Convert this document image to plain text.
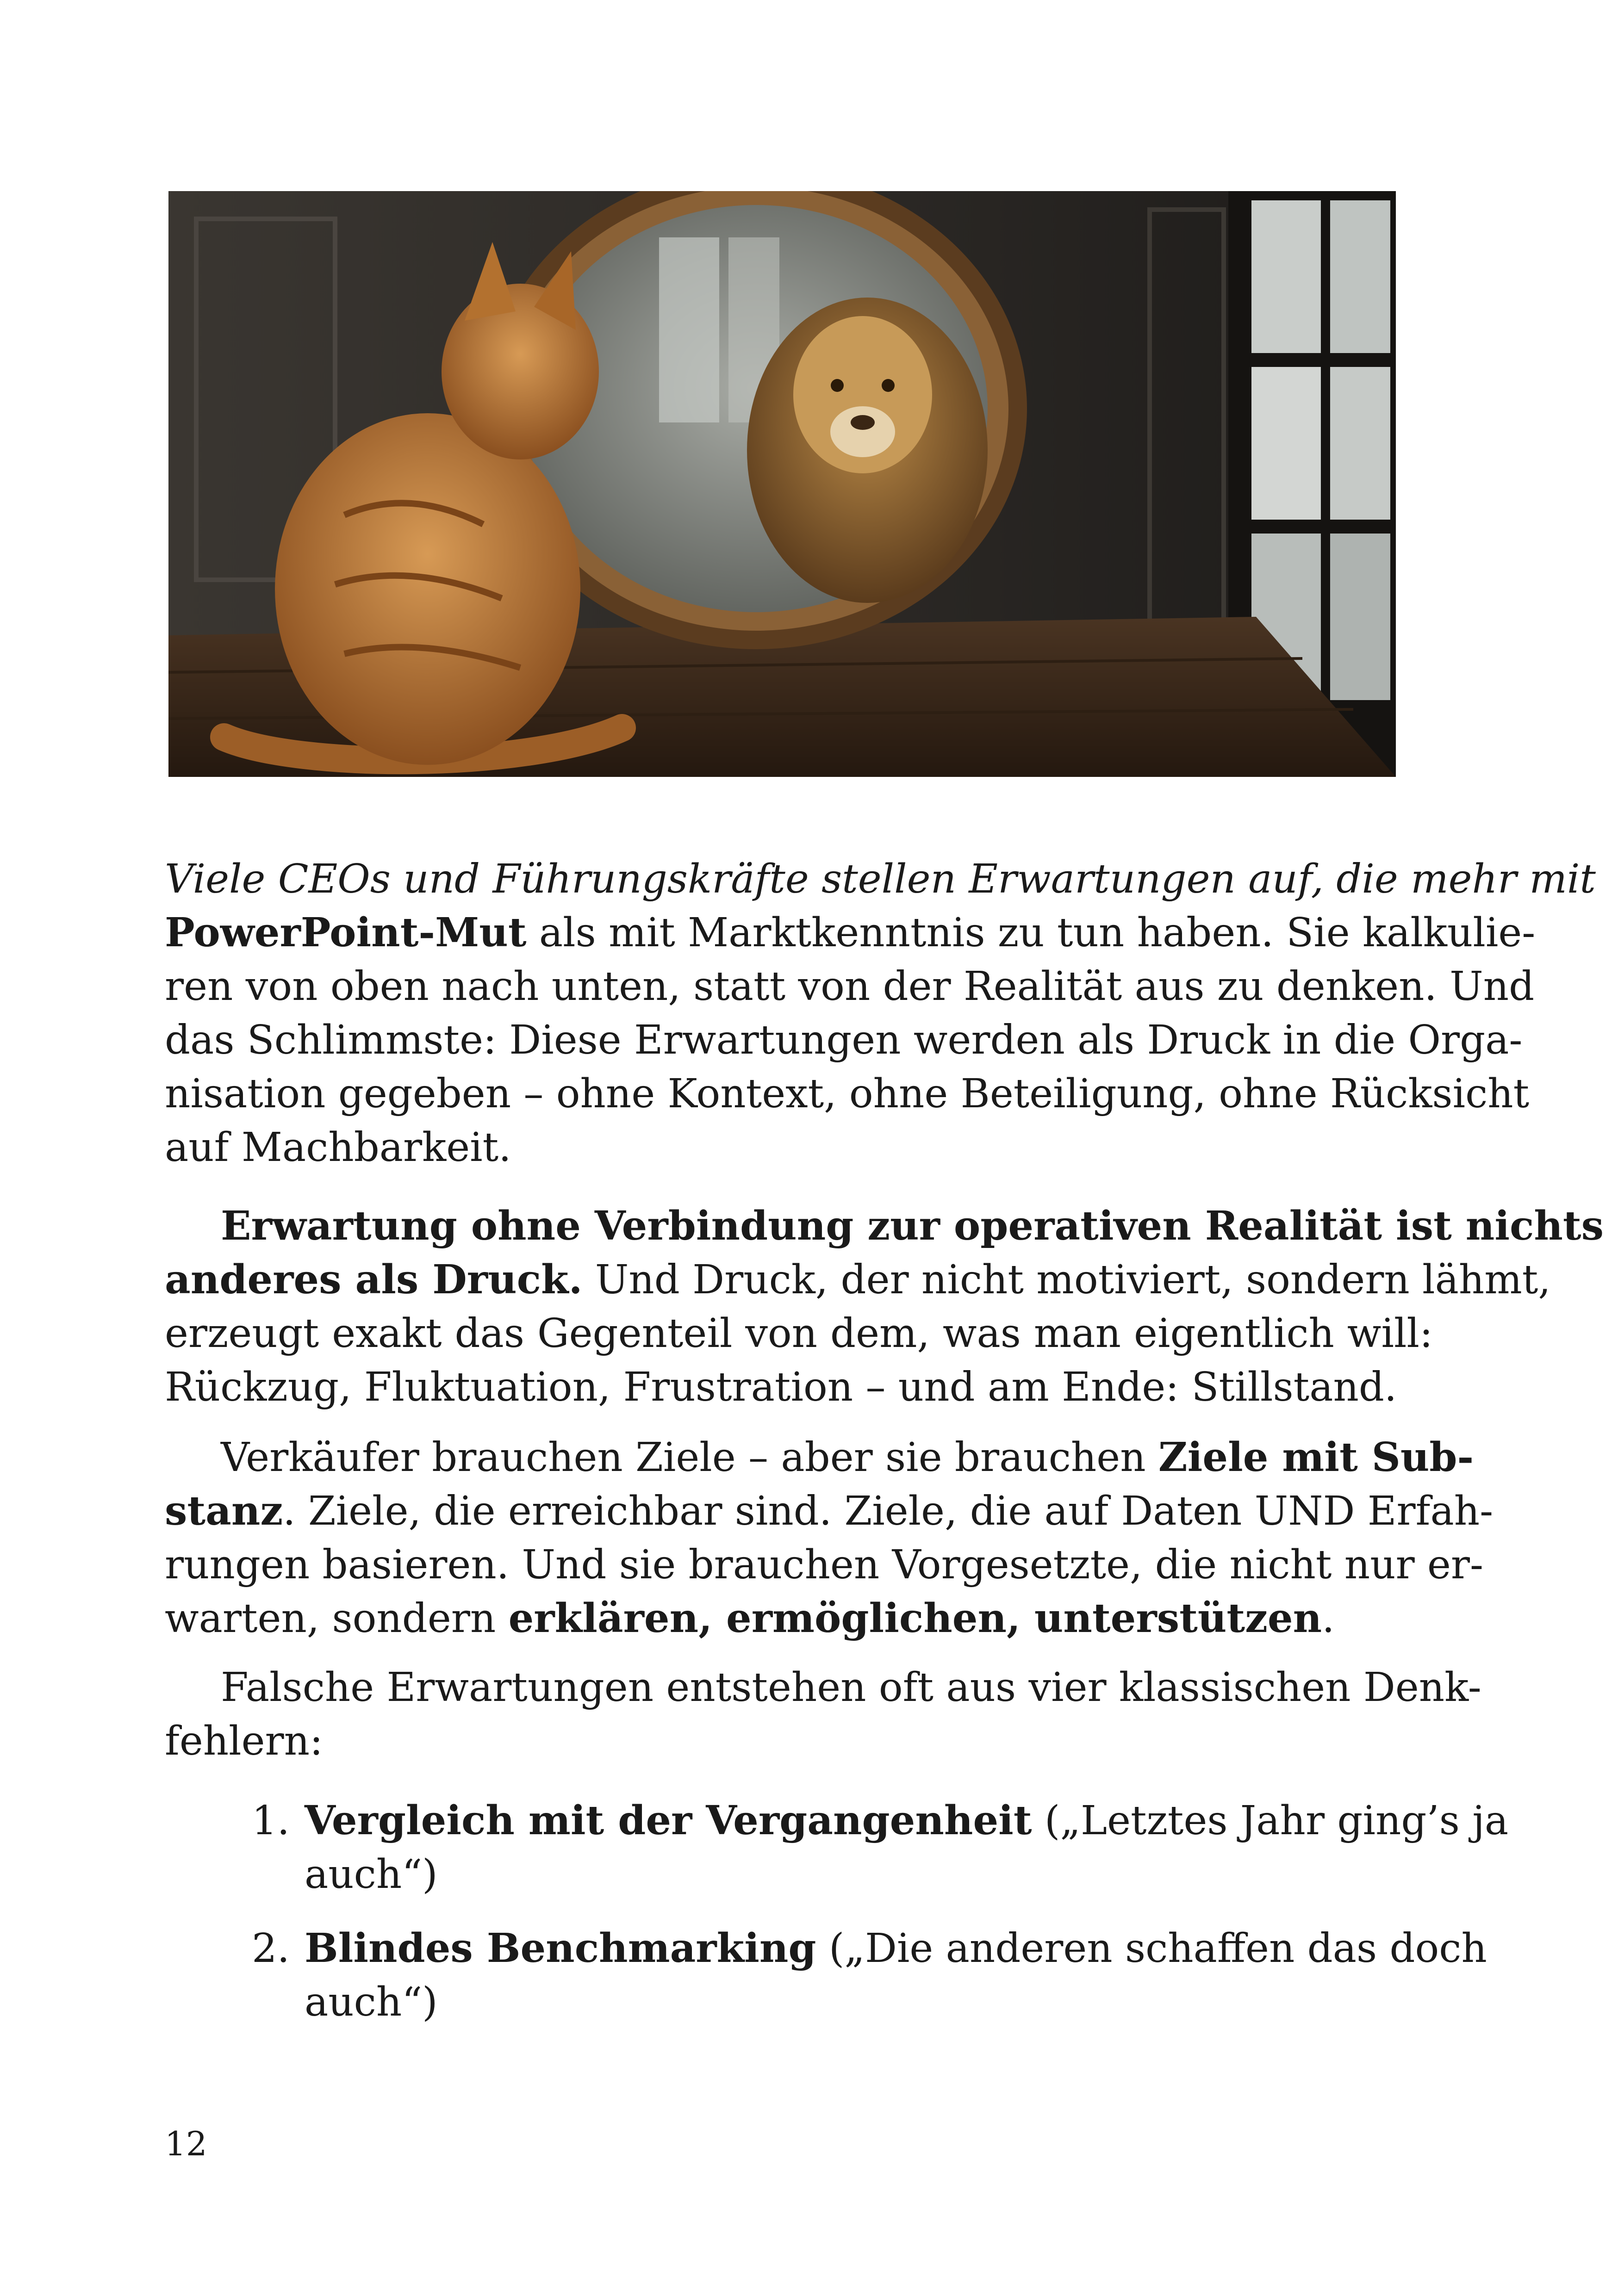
Viele CEOs und Führungskräfte stellen Erwartungen auf, die mehr mit
PowerPoint-Mut als mit Marktkenntnis zu tun haben. Sie kalkulie-
ren von oben nach unten, statt von der Realität aus zu denken. Und
das Schlimmste: Diese Erwartungen werden als Druck in die Orga-
nisation gegeben – ohne Kontext, ohne Beteiligung, ohne Rücksicht
auf Machbarkeit.
Erwartung ohne Verbindung zur operativen Realität ist nichts
anderes als Druck. Und Druck, der nicht motiviert, sondern lähmt,
erzeugt exakt das Gegenteil von dem, was man eigentlich will:
Rückzug, Fluktuation, Frustration – und am Ende: Stillstand.
Verkäufer brauchen Ziele – aber sie brauchen Ziele mit Sub-
stanz. Ziele, die erreichbar sind. Ziele, die auf Daten UND Erfah-
rungen basieren. Und sie brauchen Vorgesetzte, die nicht nur er-
warten, sondern erklären, ermöglichen, unterstützen.
Falsche Erwartungen entstehen oft aus vier klassischen Denk-
fehlern:
1. Vergleich mit der Vergangenheit („Letztes Jahr ging’s ja
auch“)
2. Blindes Benchmarking („Die anderen schaffen das doch
auch“)
12
